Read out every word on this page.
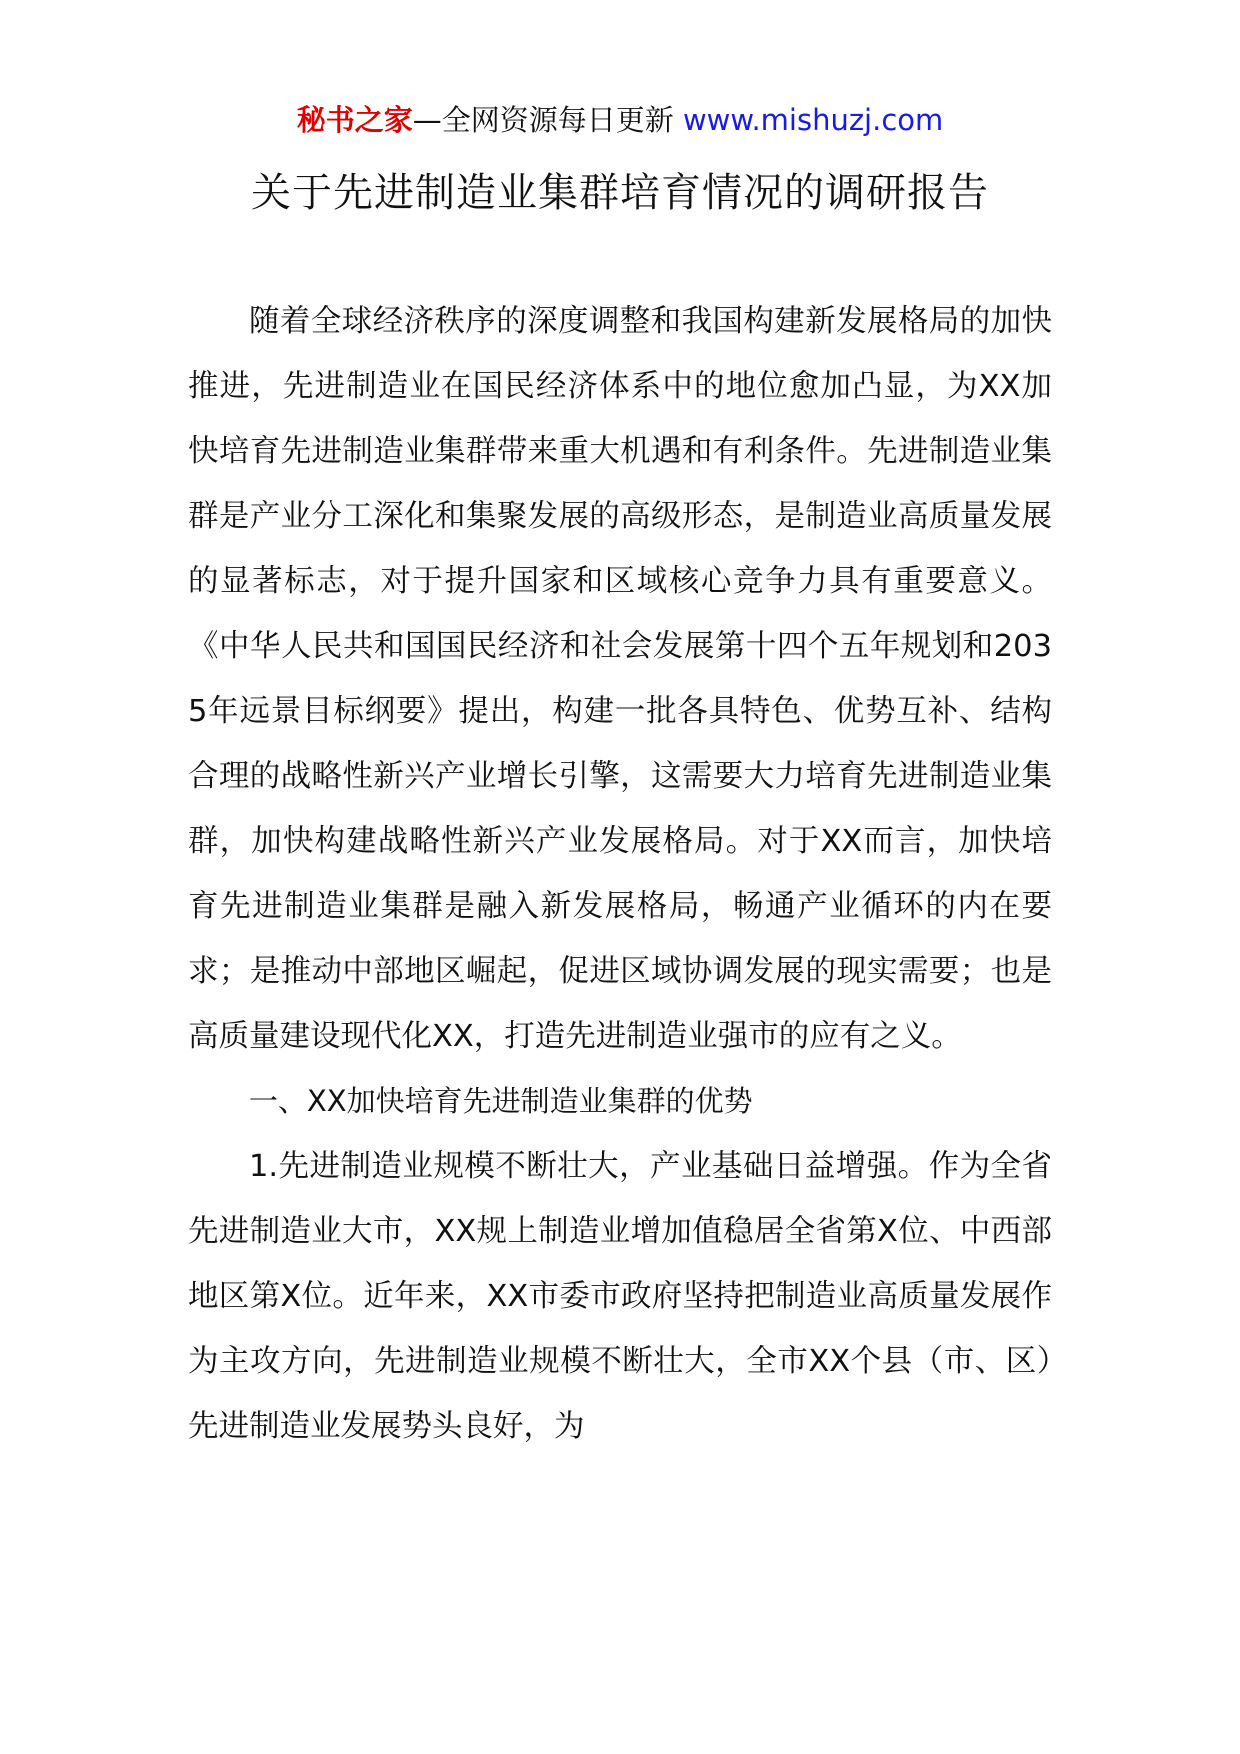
秘书之家—全网资源每日更新 www.mishuzj.com
关于先进制造业集群培育情况的调研报告

随着全球经济秩序的深度调整和我国构建新发展格局的加快推进，先进制造业在国民经济体系中的地位愈加凸显，为XX加快培育先进制造业集群带来重大机遇和有利条件。先进制造业集群是产业分工深化和集聚发展的高级形态，是制造业高质量发展的显著标志，对于提升国家和区域核心竞争力具有重要意义。《中华人民共和国国民经济和社会发展第十四个五年规划和2035年远景目标纲要》提出，构建一批各具特色、优势互补、结构合理的战略性新兴产业增长引擎，这需要大力培育先进制造业集群，加快构建战略性新兴产业发展格局。对于XX而言，加快培育先进制造业集群是融入新发展格局，畅通产业循环的内在要求；是推动中部地区崛起，促进区域协调发展的现实需要；也是高质量建设现代化XX，打造先进制造业强市的应有之义。

一、XX加快培育先进制造业集群的优势

1.先进制造业规模不断壮大，产业基础日益增强。作为全省先进制造业大市，XX规上制造业增加值稳居全省第X位、中西部地区第X位。近年来，XX市委市政府坚持把制造业高质量发展作为主攻方向，先进制造业规模不断壮大，全市XX个县（市、区）先进制造业发展势头良好，为
